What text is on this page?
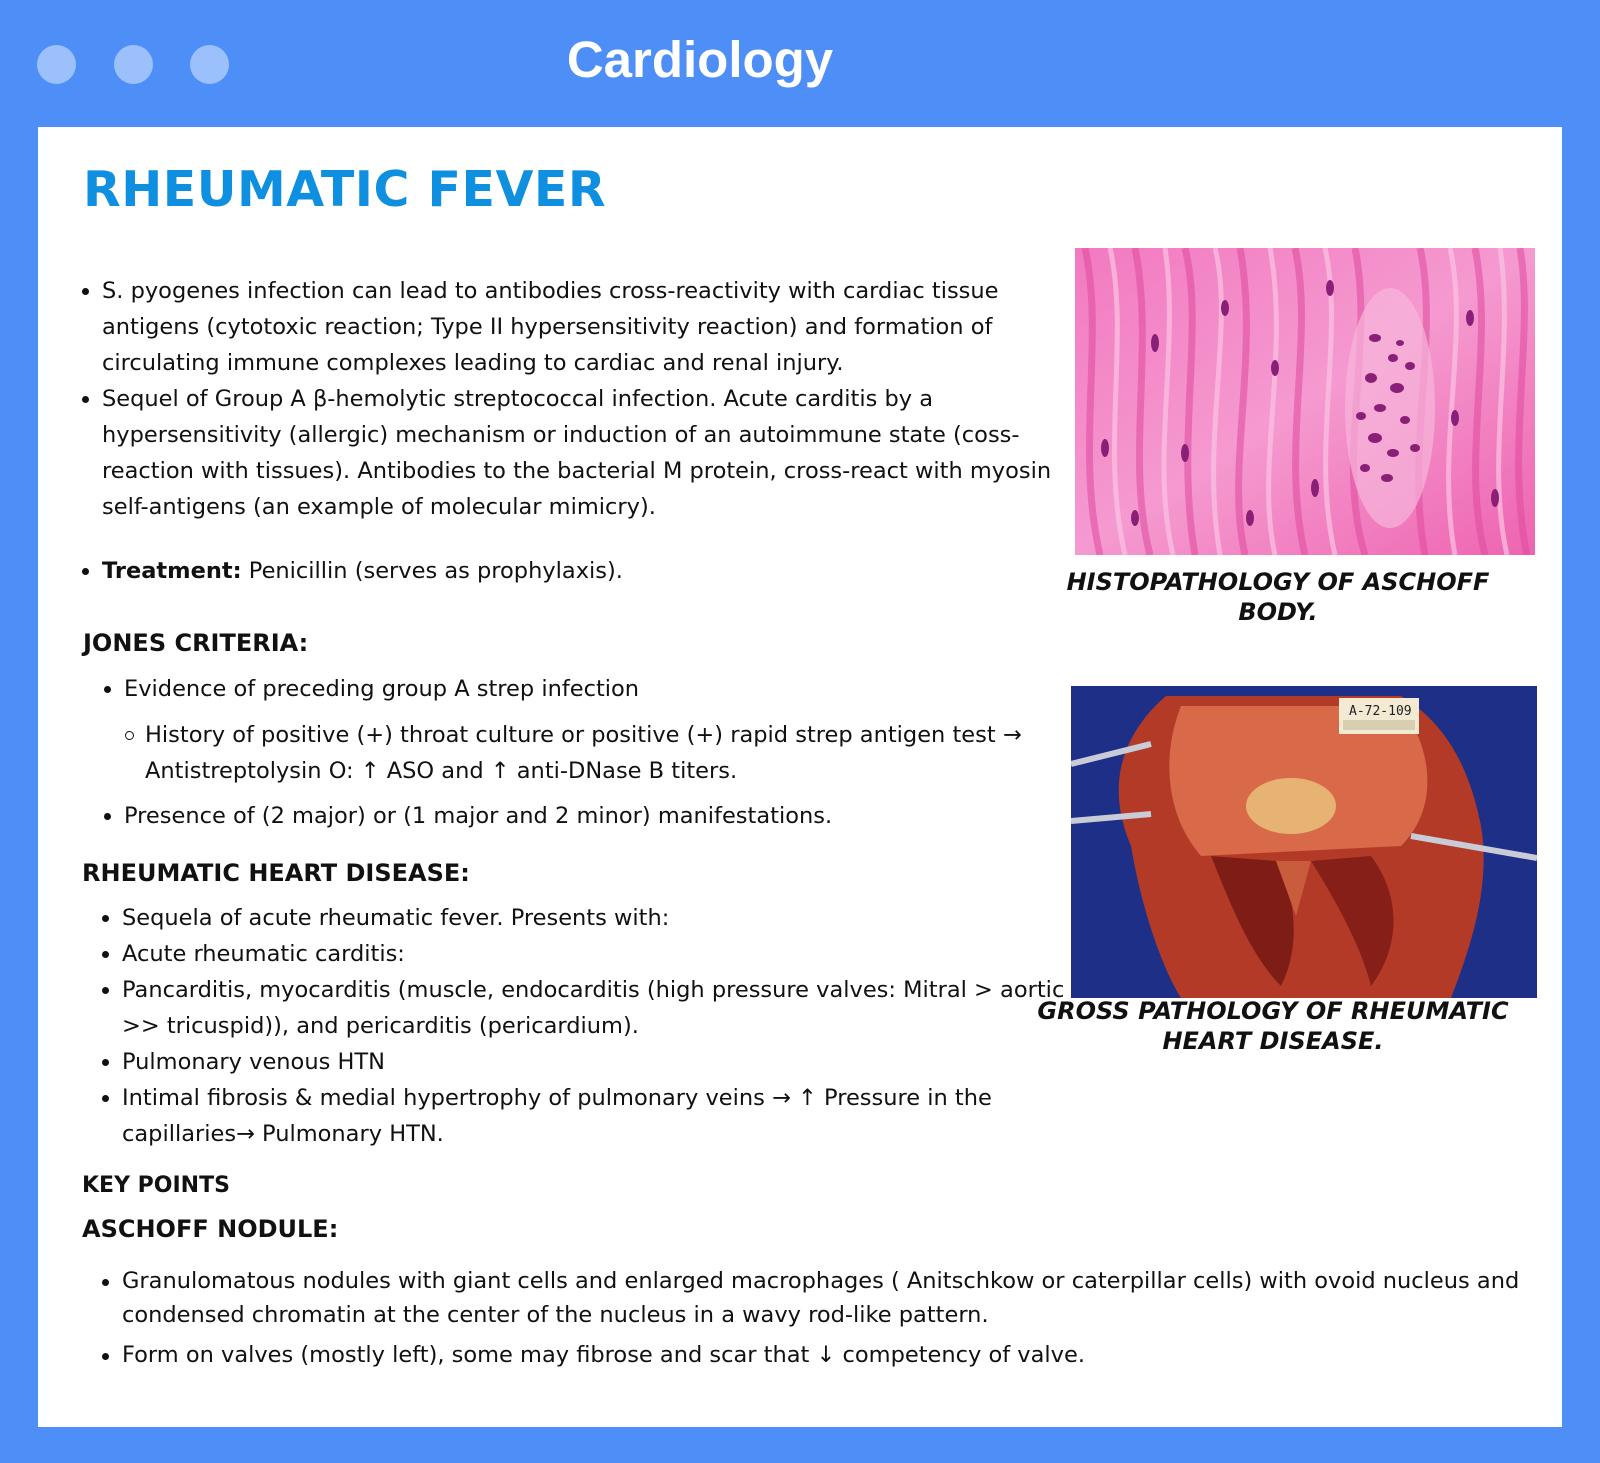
Cardiology
RHEUMATIC FEVER
S. pyogenes infection can lead to antibodies cross-reactivity with cardiac tissue antigens (cytotoxic reaction; Type II hypersensitivity reaction) and formation of circulating immune complexes leading to cardiac and renal injury.
Sequel of Group A β-hemolytic streptococcal infection. Acute carditis by a hypersensitivity (allergic) mechanism or induction of an autoimmune state (coss-reaction with tissues). Antibodies to the bacterial M protein, cross-react with myosin self-antigens (an example of molecular mimicry).
Treatment: Penicillin (serves as prophylaxis).
JONES CRITERIA:
Evidence of preceding group A strep infection
History of positive (+) throat culture or positive (+) rapid strep antigen test → Antistreptolysin O: ↑ ASO and ↑ anti-DNase B titers.
Presence of (2 major) or (1 major and 2 minor) manifestations.
RHEUMATIC HEART DISEASE:
Sequela of acute rheumatic fever. Presents with:
Acute rheumatic carditis:
Pancarditis, myocarditis (muscle, endocarditis (high pressure valves: Mitral > aortic >> tricuspid)), and pericarditis (pericardium).
Pulmonary venous HTN
Intimal fibrosis & medial hypertrophy of pulmonary veins → ↑ Pressure in the capillaries→ Pulmonary HTN.
KEY POINTS
ASCHOFF NODULE:
Granulomatous nodules with giant cells and enlarged macrophages ( Anitschkow or caterpillar cells) with ovoid nucleus and condensed chromatin at the center of the nucleus in a wavy rod-like pattern.
Form on valves (mostly left), some may fibrose and scar that ↓ competency of valve.
HISTOPATHOLOGY OF ASCHOFF BODY.
A-72-109
GROSS PATHOLOGY OF RHEUMATIC HEART DISEASE.
